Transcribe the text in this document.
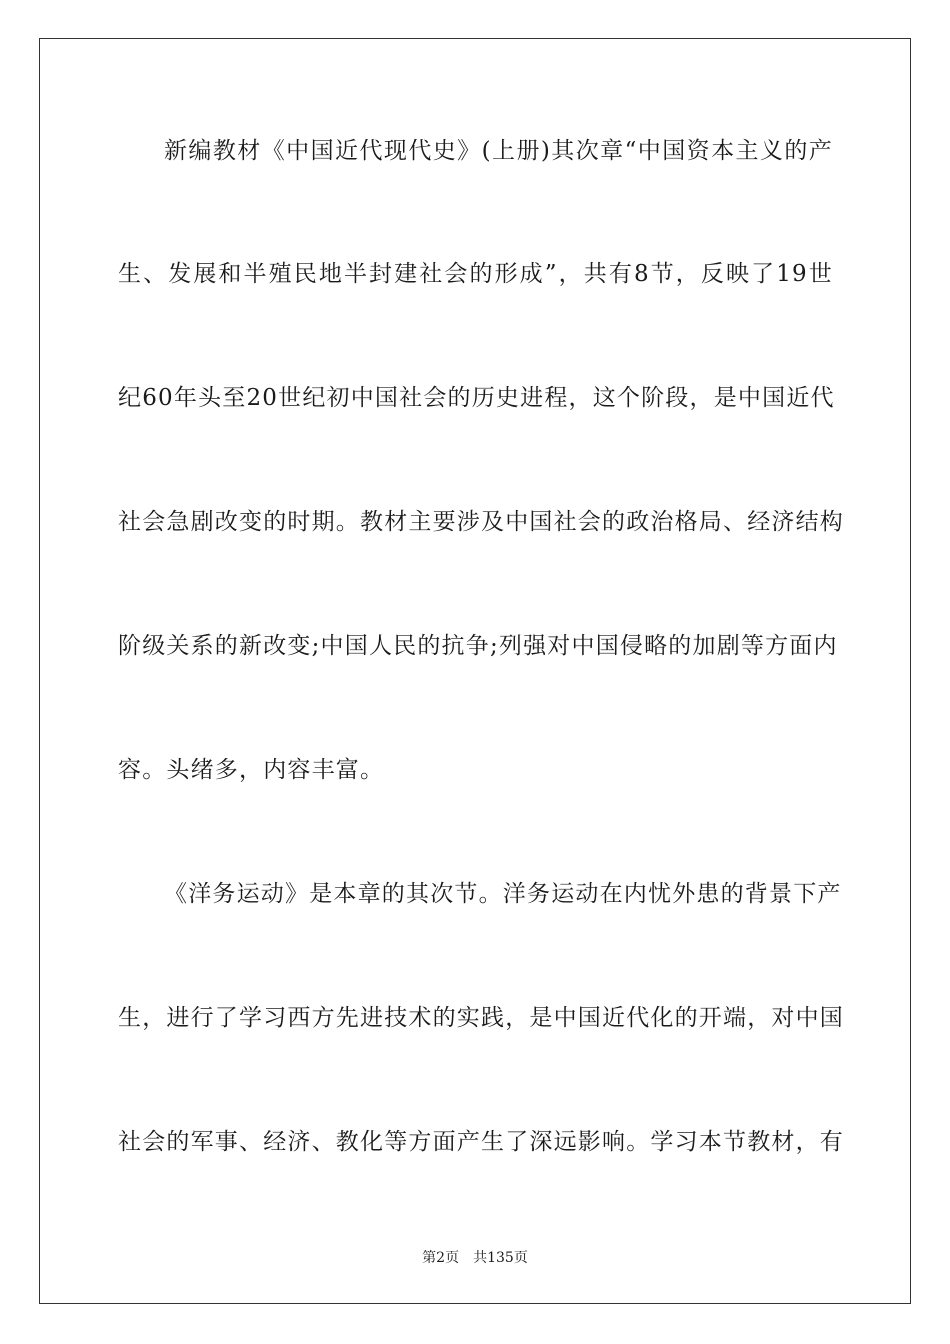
新编教材《中国近代现代史》(上册)其次章“中国资本主义的产
生、发展和半殖民地半封建社会的形成”，共有8节，反映了19世
纪60年头至20世纪初中国社会的历史进程，这个阶段，是中国近代
社会急剧改变的时期。教材主要涉及中国社会的政治格局、经济结构
阶级关系的新改变;中国人民的抗争;列强对中国侵略的加剧等方面内
容。头绪多，内容丰富。
《洋务运动》是本章的其次节。洋务运动在内忧外患的背景下产
生，进行了学习西方先进技术的实践，是中国近代化的开端，对中国
社会的军事、经济、教化等方面产生了深远影响。学习本节教材，有
第2页 共135页
